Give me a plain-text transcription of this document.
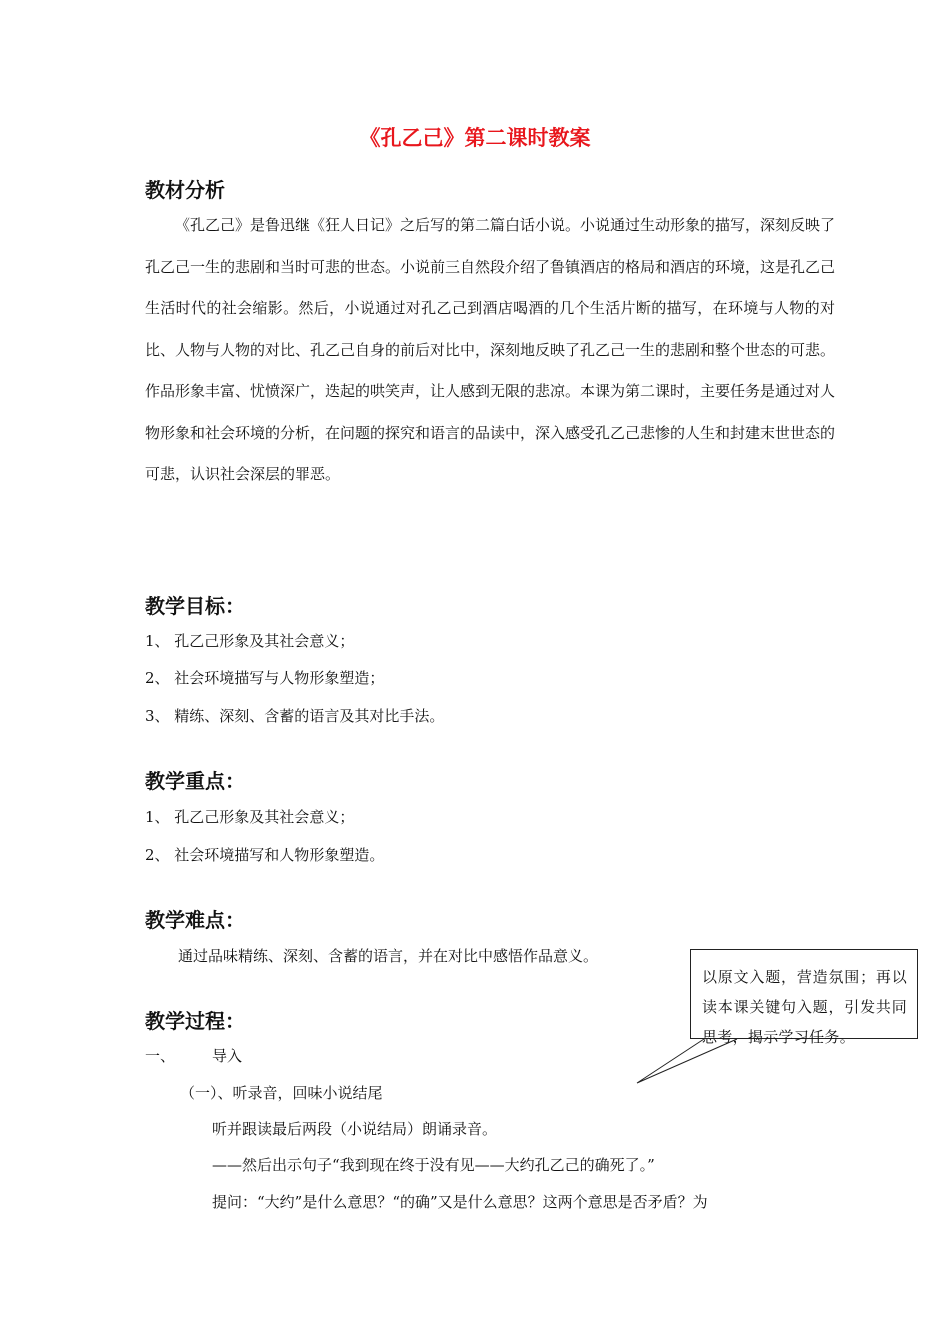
《孔乙己》第二课时教案
教材分析

《孔乙己》是鲁迅继《狂人日记》之后写的第二篇白话小说。小说通过生动形象的描写，深刻反映了孔乙己一生的悲剧和当时可悲的世态。小说前三自然段介绍了鲁镇酒店的格局和酒店的环境，这是孔乙己生活时代的社会缩影。然后，小说通过对孔乙己到酒店喝酒的几个生活片断的描写，在环境与人物的对比、人物与人物的对比、孔乙己自身的前后对比中，深刻地反映了孔乙己一生的悲剧和整个世态的可悲。作品形象丰富、忧愤深广，迭起的哄笑声，让人感到无限的悲凉。本课为第二课时，主要任务是通过对人物形象和社会环境的分析，在问题的探究和语言的品读中，深入感受孔乙己悲惨的人生和封建末世世态的可悲，认识社会深层的罪恶。

教学目标：
1、 孔乙己形象及其社会意义；
2、 社会环境描写与人物形象塑造；
3、 精练、深刻、含蓄的语言及其对比手法。
教学重点：
1、 孔乙己形象及其社会意义；
2、 社会环境描写和人物形象塑造。
教学难点：
通过品味精练、深刻、含蓄的语言，并在对比中感悟作品意义。
教学过程：
一、 导入
（一）、听录音，回味小说结尾
听并跟读最后两段（小说结局）朗诵录音。
——然后出示句子“我到现在终于没有见——大约孔乙己的确死了。”
提问：“大约”是什么意思？“的确”又是什么意思？这两个意思是否矛盾？为
以原文入题，营造氛围；再以读本课关键句入题，引发共同思考，揭示学习任务。
